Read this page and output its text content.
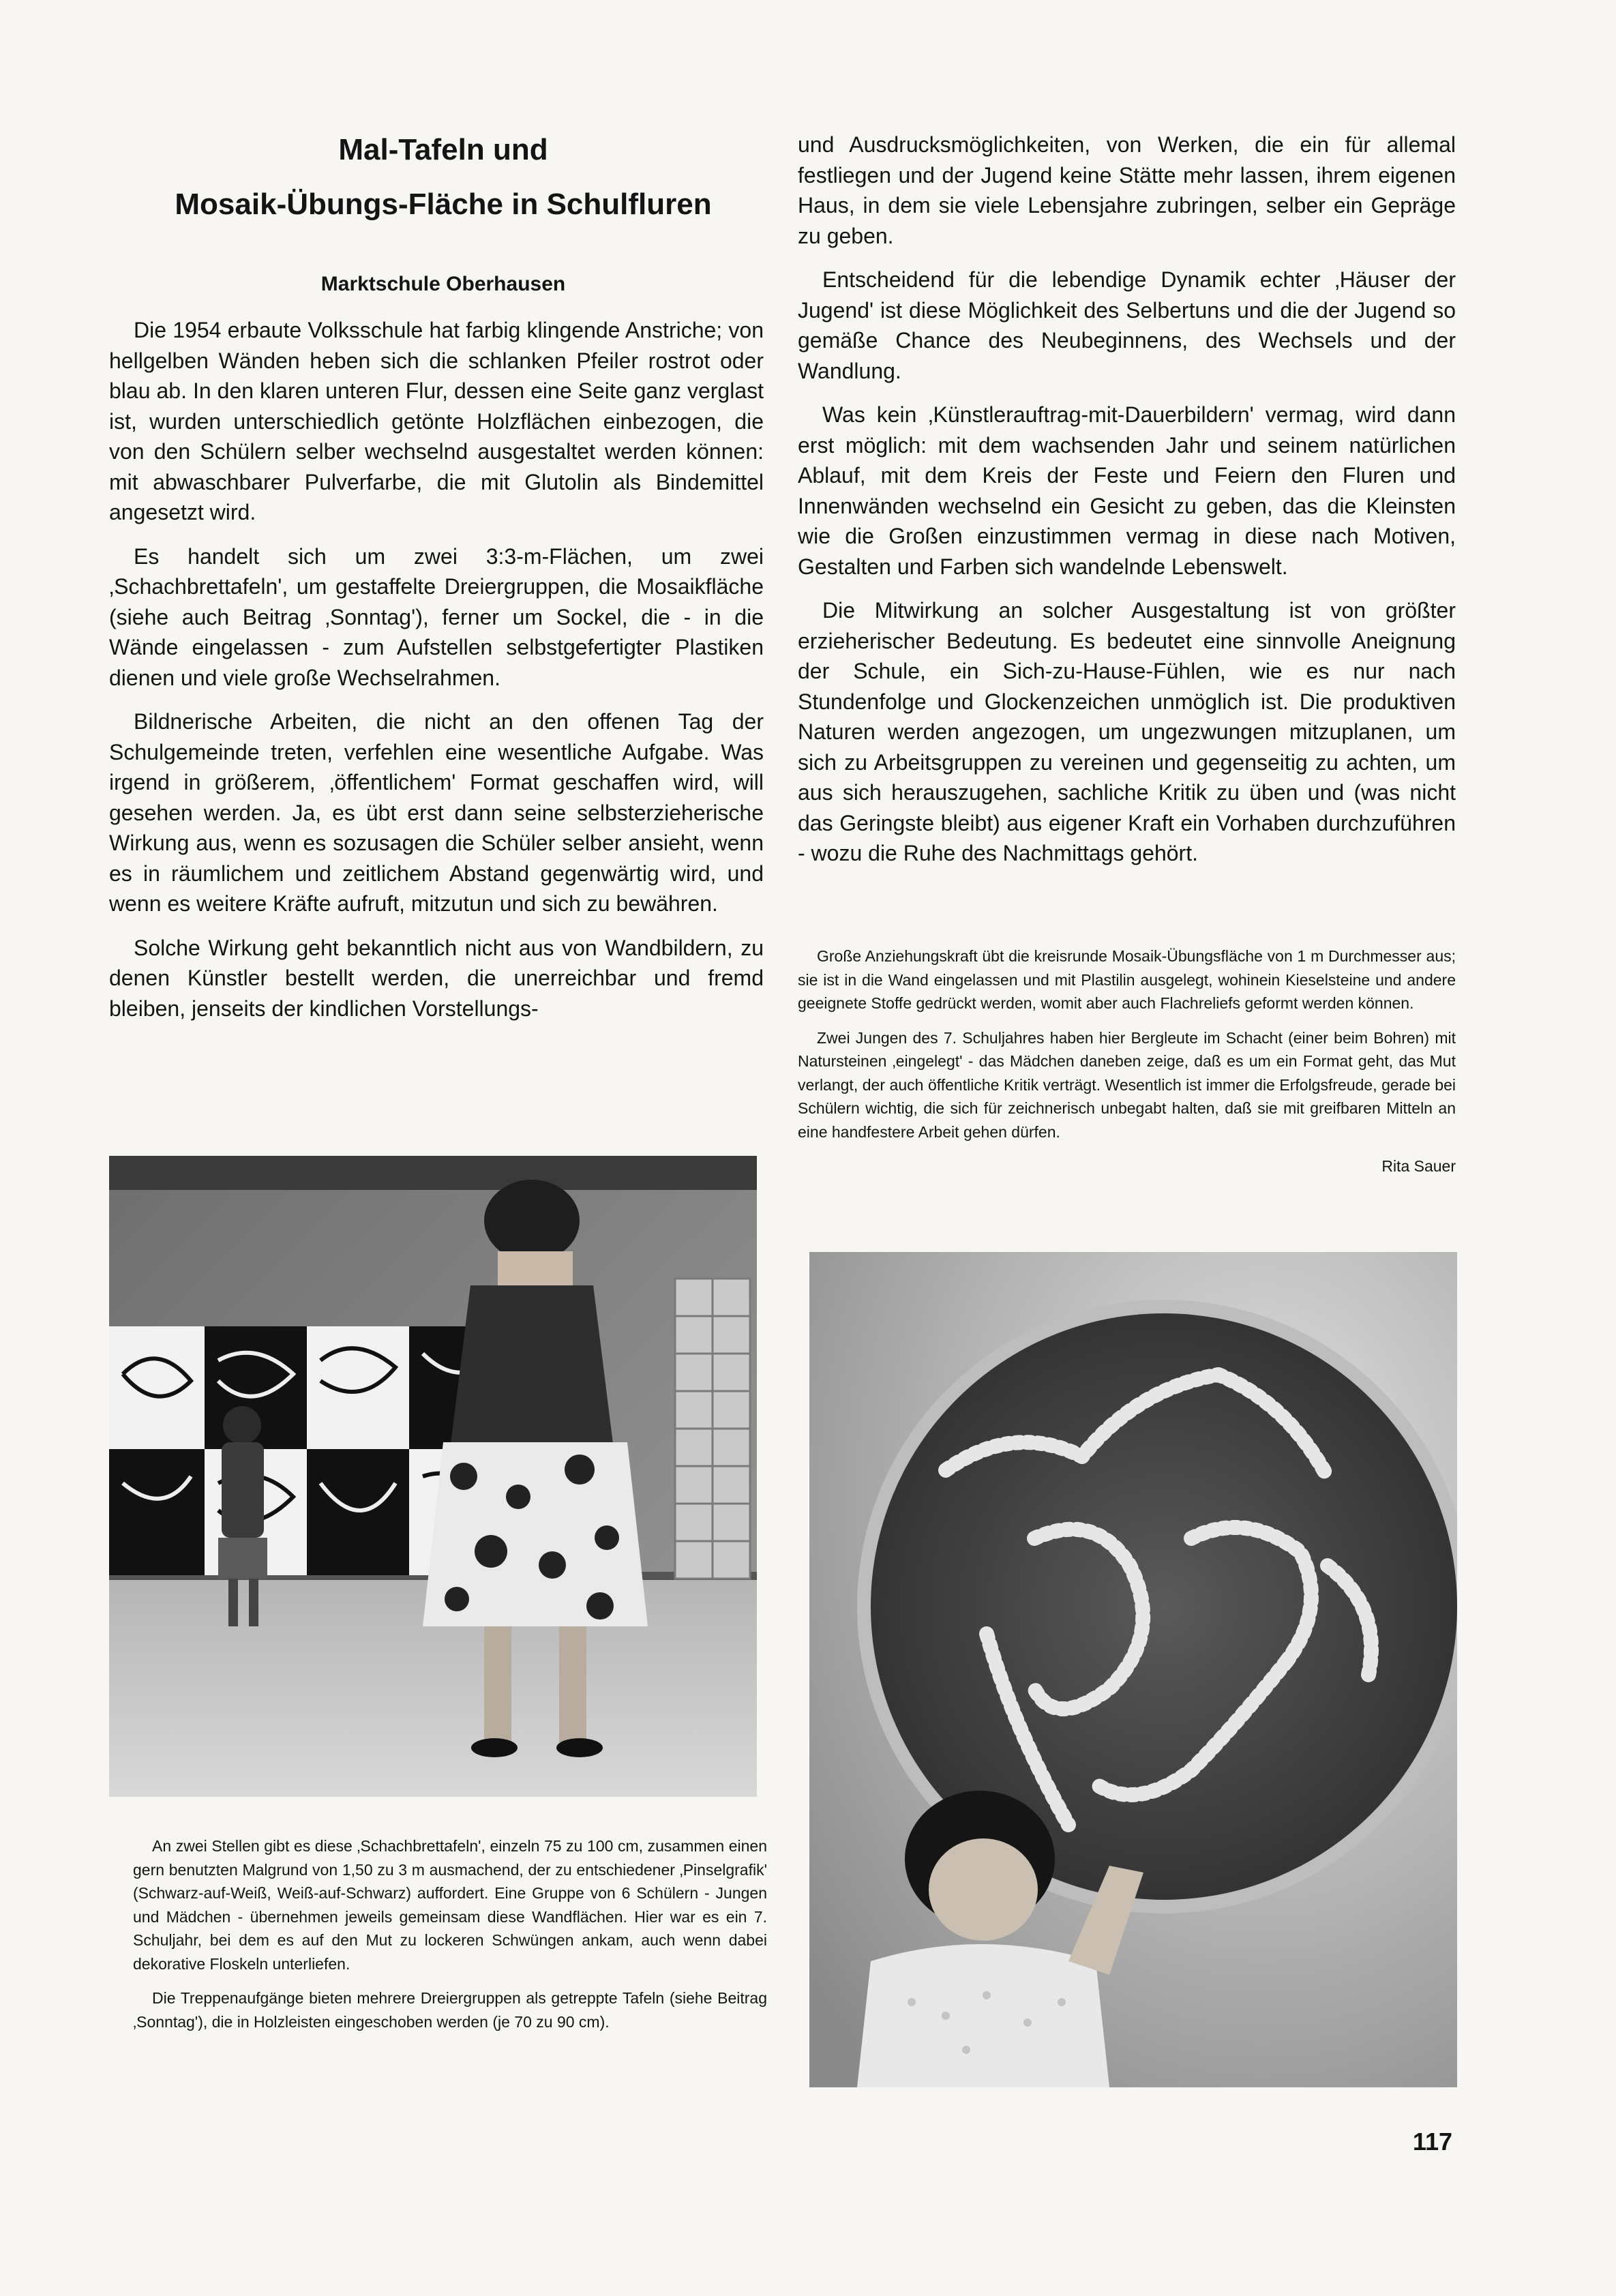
Mal-Tafeln und
Mosaik-Übungs-Fläche in Schulfluren
Marktschule Oberhausen

Die 1954 erbaute Volksschule hat farbig klingende Anstriche; von hellgelben Wänden heben sich die schlanken Pfeiler rostrot oder blau ab. In den klaren unteren Flur, dessen eine Seite ganz verglast ist, wurden unterschiedlich getönte Holzflächen einbezogen, die von den Schülern selber wechselnd ausgestaltet werden können: mit abwaschbarer Pulverfarbe, die mit Glutolin als Bindemittel angesetzt wird.

Es handelt sich um zwei 3:3-m-Flächen, um zwei ‚Schachbrettafeln', um gestaffelte Dreiergruppen, die Mosaikfläche (siehe auch Beitrag ‚Sonntag'), ferner um Sockel, die - in die Wände eingelassen - zum Aufstellen selbstgefertigter Plastiken dienen und viele große Wechselrahmen.

Bildnerische Arbeiten, die nicht an den offenen Tag der Schulgemeinde treten, verfehlen eine wesentliche Aufgabe. Was irgend in größerem, ‚öffentlichem' Format geschaffen wird, will gesehen werden. Ja, es übt erst dann seine selbsterzieherische Wirkung aus, wenn es sozusagen die Schüler selber ansieht, wenn es in räumlichem und zeitlichem Abstand gegenwärtig wird, und wenn es weitere Kräfte aufruft, mitzutun und sich zu bewähren.

Solche Wirkung geht bekanntlich nicht aus von Wandbildern, zu denen Künstler bestellt werden, die unerreichbar und fremd bleiben, jenseits der kindlichen Vorstellungs-

und Ausdrucksmöglichkeiten, von Werken, die ein für allemal festliegen und der Jugend keine Stätte mehr lassen, ihrem eigenen Haus, in dem sie viele Lebensjahre zubringen, selber ein Gepräge zu geben.

Entscheidend für die lebendige Dynamik echter ‚Häuser der Jugend' ist diese Möglichkeit des Selbertuns und die der Jugend so gemäße Chance des Neubeginnens, des Wechsels und der Wandlung.

Was kein ‚Künstlerauftrag-mit-Dauerbildern' vermag, wird dann erst möglich: mit dem wachsenden Jahr und seinem natürlichen Ablauf, mit dem Kreis der Feste und Feiern den Fluren und Innenwänden wechselnd ein Gesicht zu geben, das die Kleinsten wie die Großen einzustimmen vermag in diese nach Motiven, Gestalten und Farben sich wandelnde Lebenswelt.

Die Mitwirkung an solcher Ausgestaltung ist von größter erzieherischer Bedeutung. Es bedeutet eine sinnvolle Aneignung der Schule, ein Sich-zu-Hause-Fühlen, wie es nur nach Stundenfolge und Glockenzeichen unmöglich ist. Die produktiven Naturen werden angezogen, um ungezwungen mitzuplanen, um sich zu Arbeitsgruppen zu vereinen und gegenseitig zu achten, um aus sich herauszugehen, sachliche Kritik zu üben und (was nicht das Geringste bleibt) aus eigener Kraft ein Vorhaben durchzuführen - wozu die Ruhe des Nachmittags gehört.

Große Anziehungskraft übt die kreisrunde Mosaik-Übungsfläche von 1 m Durchmesser aus; sie ist in die Wand eingelassen und mit Plastilin ausgelegt, wohinein Kieselsteine und andere geeignete Stoffe gedrückt werden, womit aber auch Flachreliefs geformt werden können.

Zwei Jungen des 7. Schuljahres haben hier Bergleute im Schacht (einer beim Bohren) mit Natursteinen ‚eingelegt' - das Mädchen daneben zeige, daß es um ein Format geht, das Mut verlangt, der auch öffentliche Kritik verträgt. Wesentlich ist immer die Erfolgsfreude, gerade bei Schülern wichtig, die sich für zeichnerisch unbegabt halten, daß sie mit greifbaren Mitteln an eine handfestere Arbeit gehen dürfen.

Rita Sauer

An zwei Stellen gibt es diese ‚Schachbrettafeln', einzeln 75 zu 100 cm, zusammen einen gern benutzten Malgrund von 1,50 zu 3 m ausmachend, der zu entschiedener ‚Pinselgrafik' (Schwarz-auf-Weiß, Weiß-auf-Schwarz) auffordert. Eine Gruppe von 6 Schülern - Jungen und Mädchen - übernehmen jeweils gemeinsam diese Wandflächen. Hier war es ein 7. Schuljahr, bei dem es auf den Mut zu lockeren Schwüngen ankam, auch wenn dabei dekorative Floskeln unterliefen.

Die Treppenaufgänge bieten mehrere Dreiergruppen als getreppte Tafeln (siehe Beitrag ‚Sonntag'), die in Holzleisten eingeschoben werden (je 70 zu 90 cm).

117
